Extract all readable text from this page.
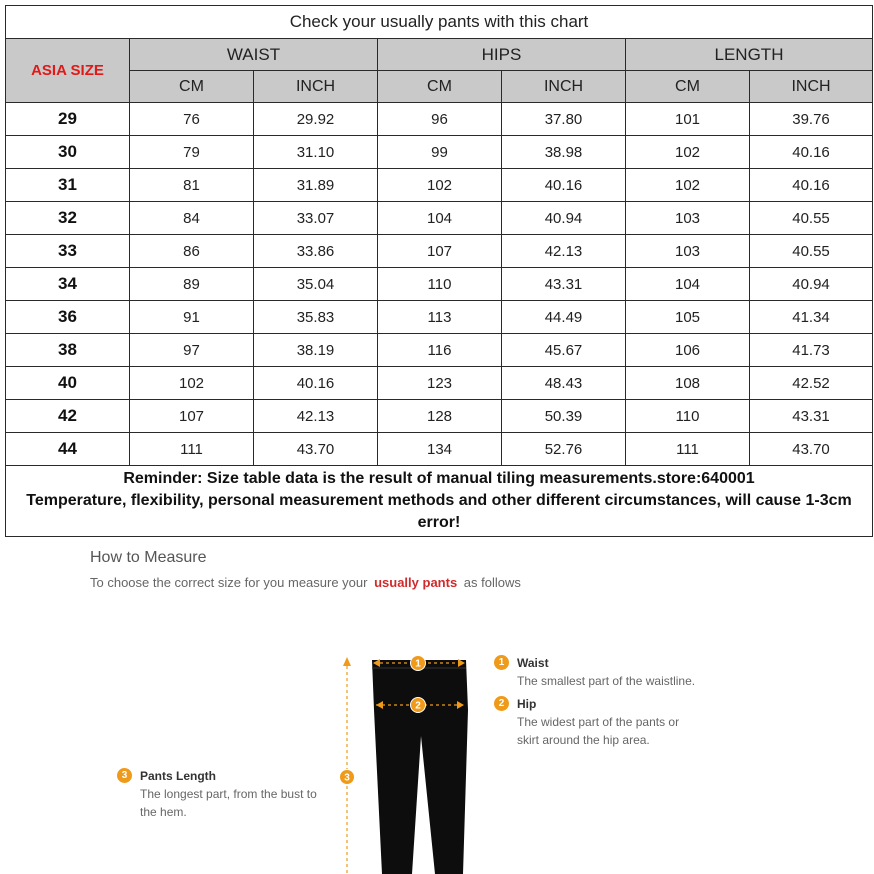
Check your usually pants with this chart						
ASIA SIZE	WAIST		HIPS		LENGTH	
	CM	INCH	CM	INCH	CM	INCH
29	76	29.92	96	37.80	101	39.76
30	79	31.10	99	38.98	102	40.16
31	81	31.89	102	40.16	102	40.16
32	84	33.07	104	40.94	103	40.55
33	86	33.86	107	42.13	103	40.55
34	89	35.04	110	43.31	104	40.94
36	91	35.83	113	44.49	105	41.34
38	97	38.19	116	45.67	106	41.73
40	102	40.16	123	48.43	108	42.52
42	107	42.13	128	50.39	110	43.31
44	111	43.70	134	52.76	111	43.70

Reminder: Size table data is the result of manual tiling measurements.store:640001
Temperature, flexibility, personal measurement methods and other different circumstances, will cause 1-3cm error!						
How to Measure
To choose the correct size for you measure your usually pants as follows
1 Waist
The smallest part of the waistline.
2 Hip
The widest part of the pants or skirt around the hip area.
3 Pants Length
The longest part, from the bust to the hem.
1
2
3
